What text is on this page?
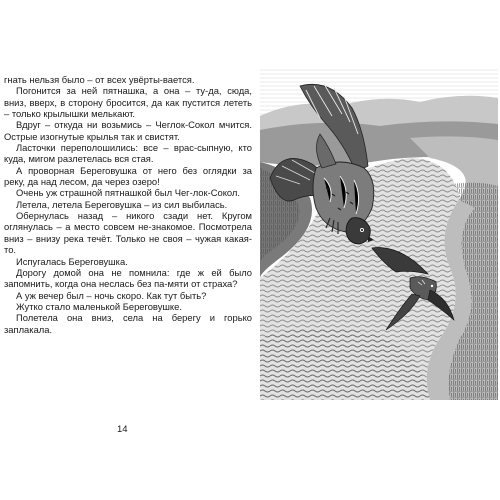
гнать нельзя было – от всех увёрты-вается.

Погонится за ней пятнашка, а она – ту-да, сюда, вниз, вверх, в сторону бросится, да как пустится лететь – только крылышки мелькают.

Вдруг – откуда ни возьмись – Чеглок-Сокол мчится. Острые изогнутые крылья так и свистят.

Ласточки переполошились: все – врас-сыпную, кто куда, мигом разлетелась вся стая.

А проворная Береговушка от него без оглядки за реку, да над лесом, да через озеро!

Очень уж страшной пятнашкой был Чег-лок-Сокол.

Летела, летела Береговушка – из сил выбилась.

Обернулась назад – никого сзади нет. Кругом оглянулась – а место совсем не-знакомое. Посмотрела вниз – внизу река течёт. Только не своя – чужая какая-то.

Испугалась Береговушка.

Дорогу домой она не помнила: где ж ей было запомнить, когда она неслась без па-мяти от страха?

А уж вечер был – ночь скоро. Как тут быть?

Жутко стало маленькой Береговушке.

Полетела она вниз, села на берегу и горько заплакала.

14
